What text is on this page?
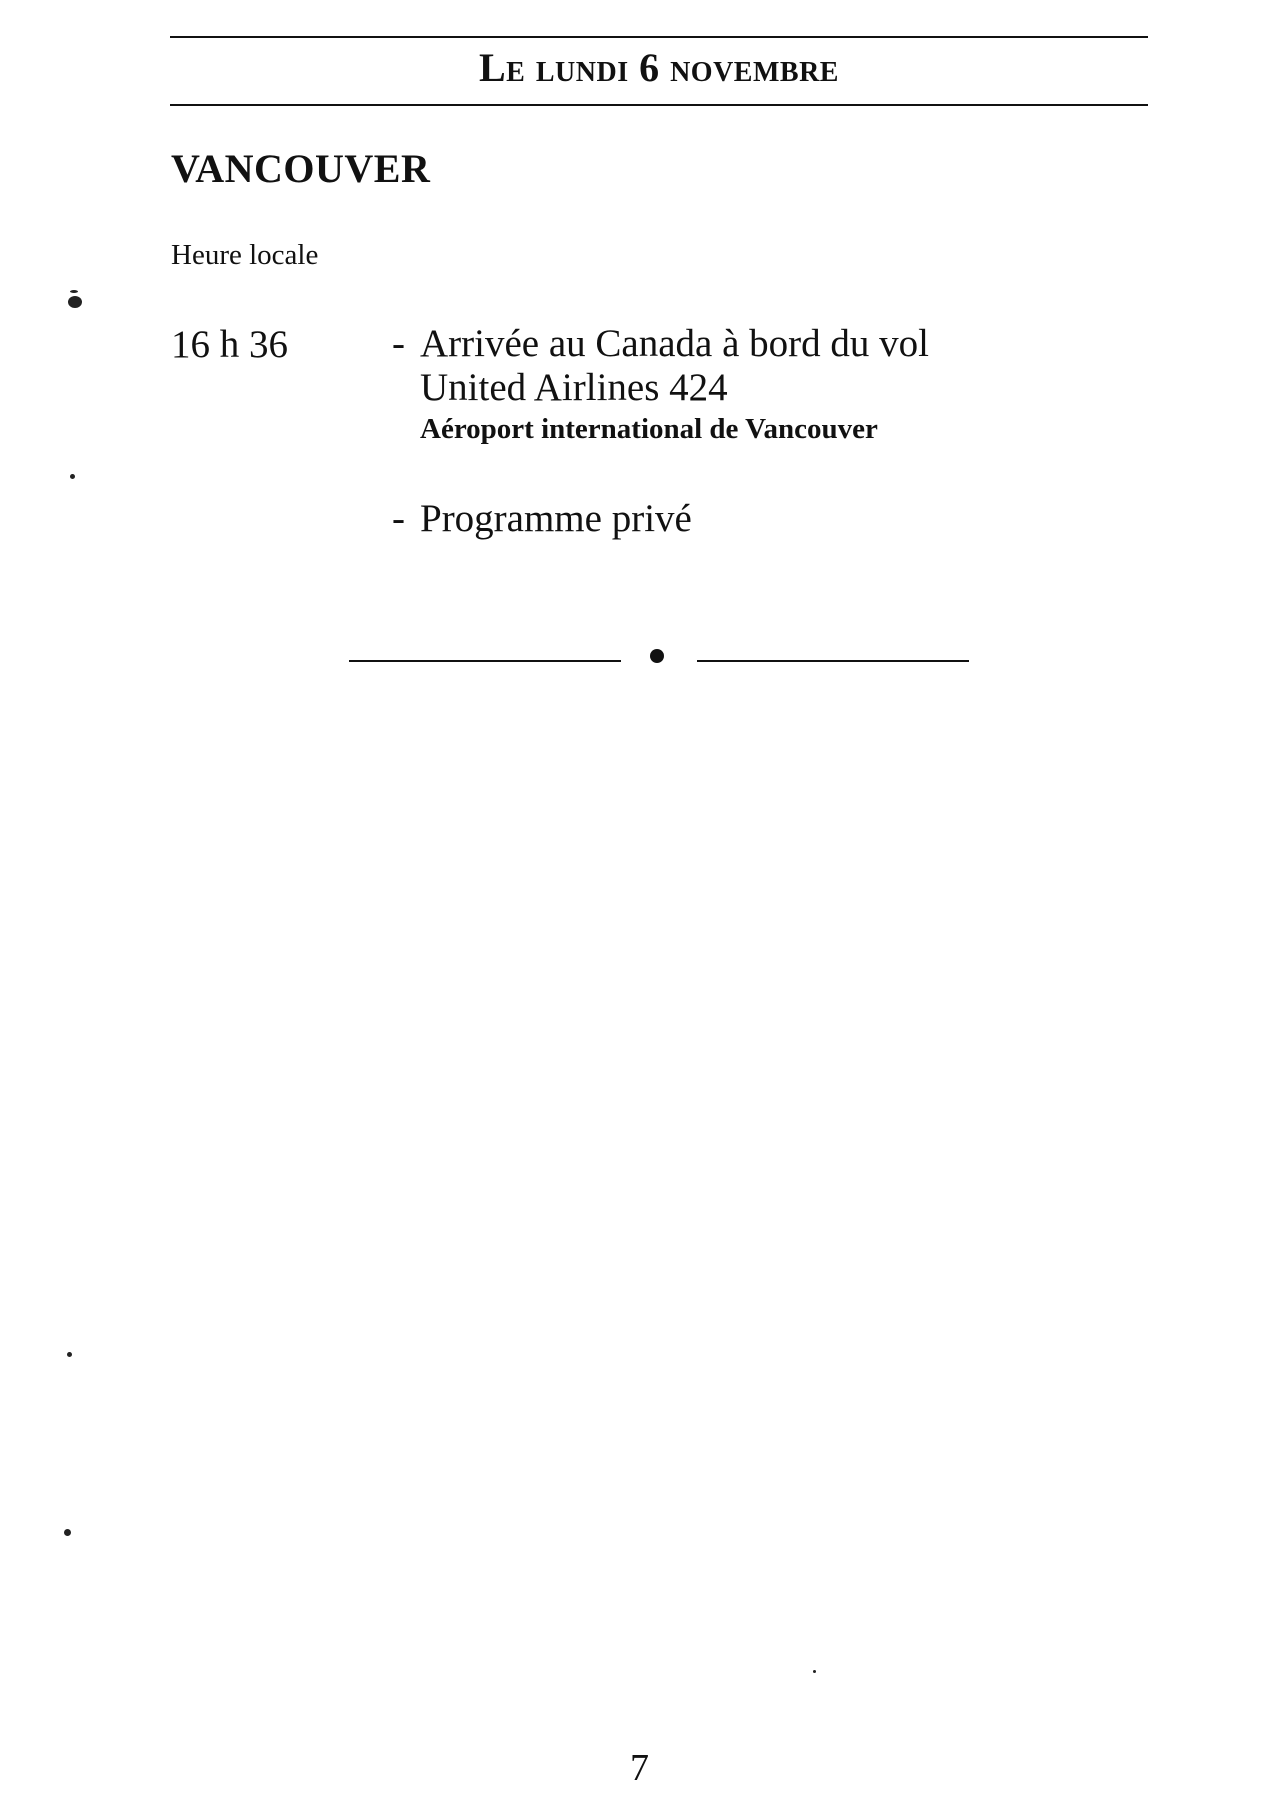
Le lundi 6 novembre
VANCOUVER
Heure locale
16 h 36	- Arrivée au Canada à bord du vol
United Airlines 424
Aéroport international de Vancouver
- Programme privé
7
